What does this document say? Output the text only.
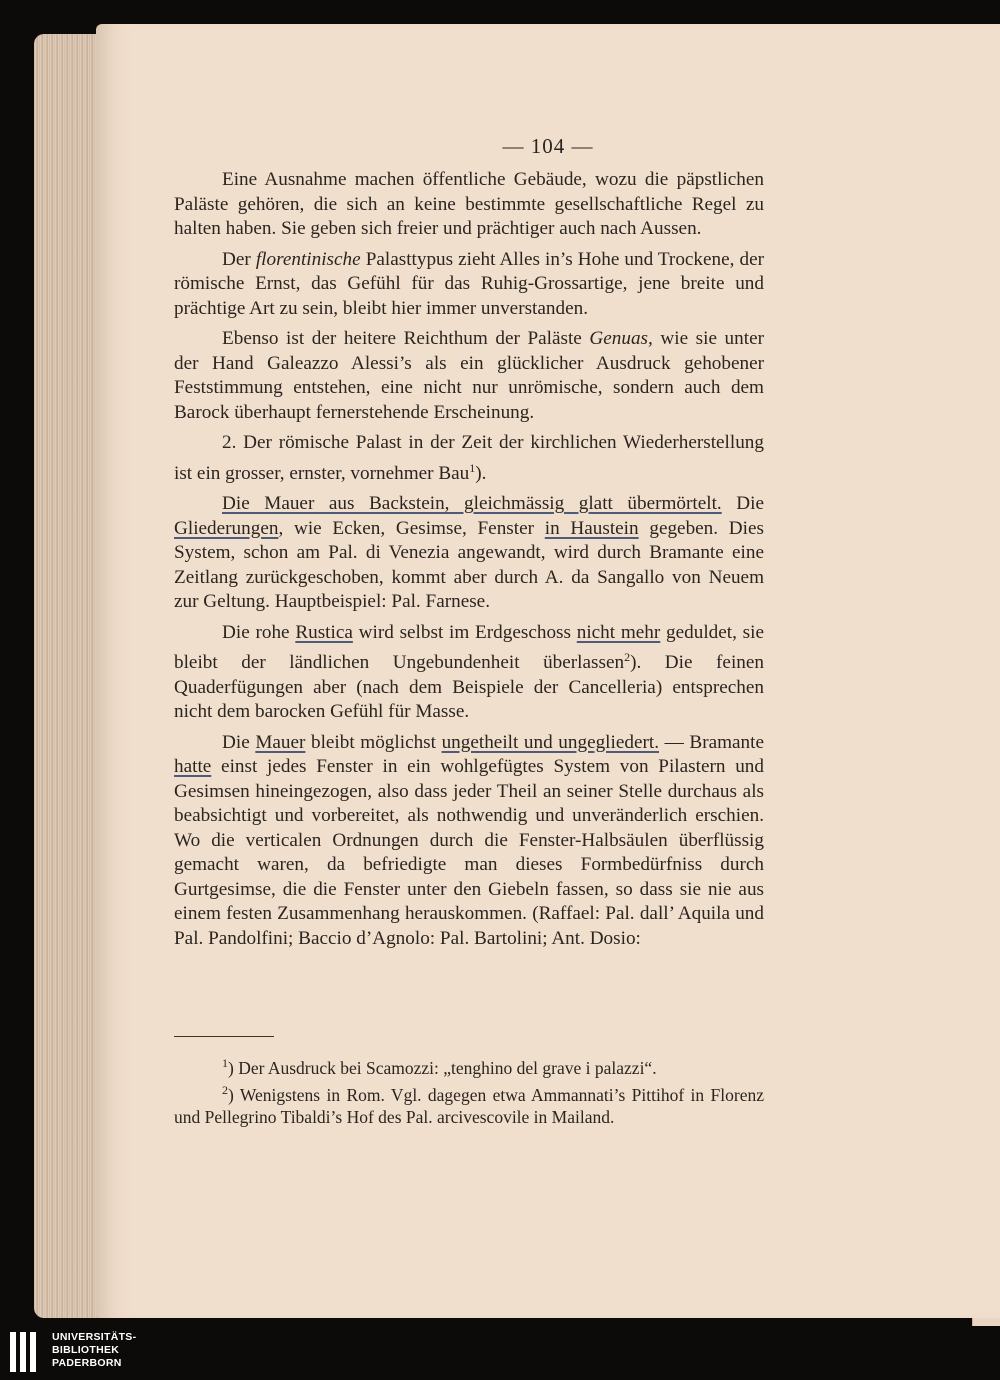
— 104 —

Eine Ausnahme machen öffentliche Gebäude, wozu die päpstlichen Paläste gehören, die sich an keine bestimmte gesellschaftliche Regel zu halten haben. Sie geben sich freier und prächtiger auch nach Aussen.

Der florentinische Palasttypus zieht Alles in’s Hohe und Trockene, der römische Ernst, das Gefühl für das Ruhig-Grossartige, jene breite und prächtige Art zu sein, bleibt hier immer unverstanden.

Ebenso ist der heitere Reichthum der Paläste Genuas, wie sie unter der Hand Galeazzo Alessi’s als ein glücklicher Ausdruck gehobener Feststimmung entstehen, eine nicht nur unrömische, sondern auch dem Barock überhaupt fernerstehende Erscheinung.

2. Der römische Palast in der Zeit der kirchlichen Wiederherstellung ist ein grosser, ernster, vornehmer Bau$^1$).

Die Mauer aus Backstein, gleichmässig glatt übermörtelt. Die Gliederungen, wie Ecken, Gesimse, Fenster in Haustein gegeben. Dies System, schon am Pal. di Venezia angewandt, wird durch Bramante eine Zeitlang zurückgeschoben, kommt aber durch A. da Sangallo von Neuem zur Geltung. Hauptbeispiel: Pal. Farnese.

Die rohe Rustica wird selbst im Erdgeschoss nicht mehr geduldet, sie bleibt der ländlichen Ungebundenheit überlassen$^2$). Die feinen Quaderfügungen aber (nach dem Beispiele der Cancelleria) entsprechen nicht dem barocken Gefühl für Masse.

Die Mauer bleibt möglichst ungetheilt und ungegliedert. — Bramante hatte einst jedes Fenster in ein wohlgefügtes System von Pilastern und Gesimsen hineingezogen, also dass jeder Theil an seiner Stelle durchaus als beabsichtigt und vorbereitet, als nothwendig und unveränderlich erschien. Wo die verticalen Ordnungen durch die Fenster-Halbsäulen überflüssig gemacht waren, da befriedigte man dieses Formbedürfniss durch Gurtgesimse, die die Fenster unter den Giebeln fassen, so dass sie nie aus einem festen Zusammenhang herauskommen. (Raffael: Pal. dall’ Aquila und Pal. Pandolfini; Baccio d’Agnolo: Pal. Bartolini; Ant. Dosio:

$^1$) Der Ausdruck bei Scamozzi: „tenghino del grave i palazzi“.

$^2$) Wenigstens in Rom. Vgl. dagegen etwa Ammannati’s Pittihof in Florenz und Pellegrino Tibaldi’s Hof des Pal. arcivescovile in Mailand.

UNIVERSITÄTS-
BIBLIOTHEK
PADERBORN
